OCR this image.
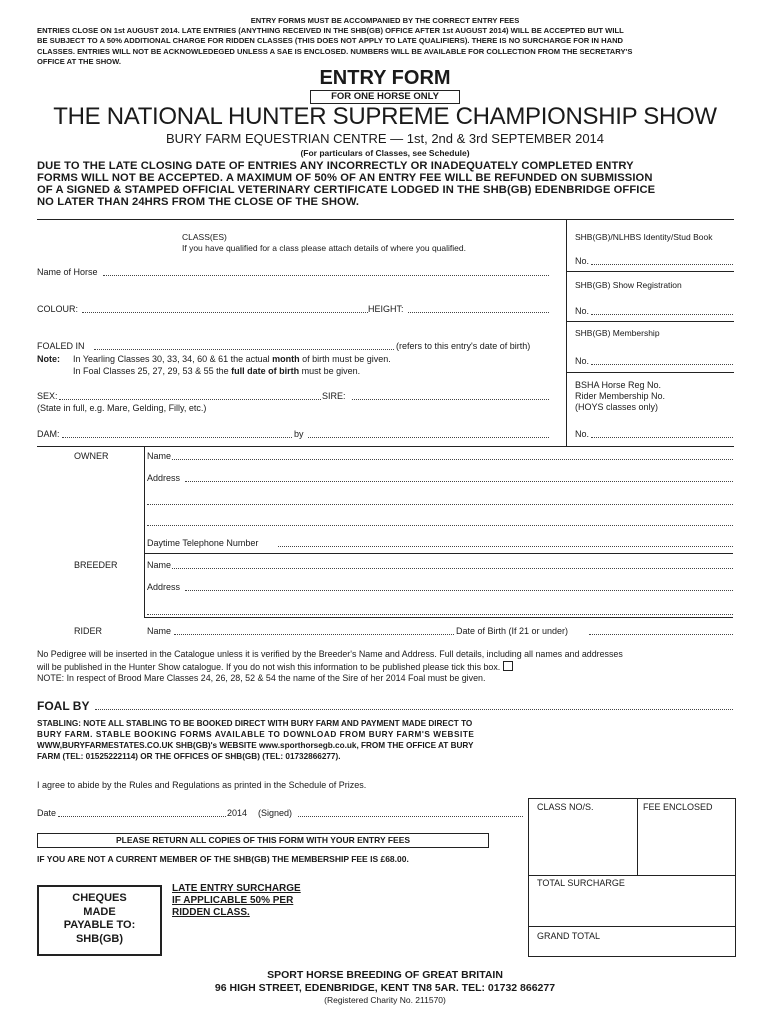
ENTRY FORMS MUST BE ACCOMPANIED BY THE CORRECT ENTRY FEES
ENTRIES CLOSE ON 1st AUGUST 2014. LATE ENTRIES (ANYTHING RECEIVED IN THE SHB(GB) OFFICE AFTER 1st AUGUST 2014) WILL BE ACCEPTED BUT WILL
BE SUBJECT TO A 50% ADDITIONAL CHARGE FOR RIDDEN CLASSES (THIS DOES NOT APPLY TO LATE QUALIFIERS). THERE IS NO SURCHARGE FOR IN HAND
CLASSES. ENTRIES WILL NOT BE ACKNOWLEDEGED UNLESS A SAE IS ENCLOSED. NUMBERS WILL BE AVAILABLE FOR COLLECTION FROM THE SECRETARY'S
OFFICE AT THE SHOW.
ENTRY FORM
FOR ONE HORSE ONLY
THE NATIONAL HUNTER SUPREME CHAMPIONSHIP SHOW
BURY FARM EQUESTRIAN CENTRE — 1st, 2nd & 3rd SEPTEMBER 2014
(For particulars of Classes, see Schedule)
DUE TO THE LATE CLOSING DATE OF ENTRIES ANY INCORRECTLY OR INADEQUATELY COMPLETED ENTRY
FORMS WILL NOT BE ACCEPTED. A MAXIMUM OF 50% OF AN ENTRY FEE WILL BE REFUNDED ON SUBMISSION
OF A SIGNED & STAMPED OFFICIAL VETERINARY CERTIFICATE LODGED IN THE SHB(GB) EDENBRIDGE OFFICE
NO LATER THAN 24HRS FROM THE CLOSE OF THE SHOW.
CLASS(ES)
If you have qualified for a class please attach details of where you qualified.
Name of Horse
COLOUR:	HEIGHT:
FOALED IN	(refers to this entry's date of birth)
Note: In Yearling Classes 30, 33, 34, 60 & 61 the actual month of birth must be given.
In Foal Classes 25, 27, 29, 53 & 55 the full date of birth must be given.
SEX:	SIRE:
(State in full, e.g. Mare, Gelding, Filly, etc.)
DAM:	by
SHB(GB)/NLHBS Identity/Stud Book
No.
SHB(GB) Show Registration
No.
SHB(GB) Membership
No.
BSHA Horse Reg No.
Rider Membership No.
(HOYS classes only)
No.
OWNER	Name
Address
Daytime Telephone Number
BREEDER	Name
Address
RIDER	Name	Date of Birth (If 21 or under)
No Pedigree will be inserted in the Catalogue unless it is verified by the Breeder's Name and Address. Full details, including all names and addresses
will be published in the Hunter Show catalogue. If you do not wish this information to be published please tick this box.
NOTE: In respect of Brood Mare Classes 24, 26, 28, 52 & 54 the name of the Sire of her 2014 Foal must be given.
FOAL BY
STABLING: NOTE ALL STABLING TO BE BOOKED DIRECT WITH BURY FARM AND PAYMENT MADE DIRECT TO
BURY FARM. STABLE BOOKING FORMS AVAILABLE TO DOWNLOAD FROM BURY FARM'S WEBSITE
WWW,BURYFARMESTATES.CO.UK SHB(GB)'s WEBSITE www.sporthorsegb.co.uk, FROM THE OFFICE AT BURY
FARM (TEL: 01525222114) OR THE OFFICES OF SHB(GB) (TEL: 01732866277).
I agree to abide by the Rules and Regulations as printed in the Schedule of Prizes.
Date	2014 (Signed)
CLASS NO/S.	FEE ENCLOSED
TOTAL SURCHARGE
GRAND TOTAL
PLEASE RETURN ALL COPIES OF THIS FORM WITH YOUR ENTRY FEES
IF YOU ARE NOT A CURRENT MEMBER OF THE SHB(GB) THE MEMBERSHIP FEE IS £68.00.
CHEQUES
MADE
PAYABLE TO:
SHB(GB)
LATE ENTRY SURCHARGE
IF APPLICABLE 50% PER
RIDDEN CLASS.
SPORT HORSE BREEDING OF GREAT BRITAIN
96 HIGH STREET, EDENBRIDGE, KENT TN8 5AR. TEL: 01732 866277
(Registered Charity No. 211570)
